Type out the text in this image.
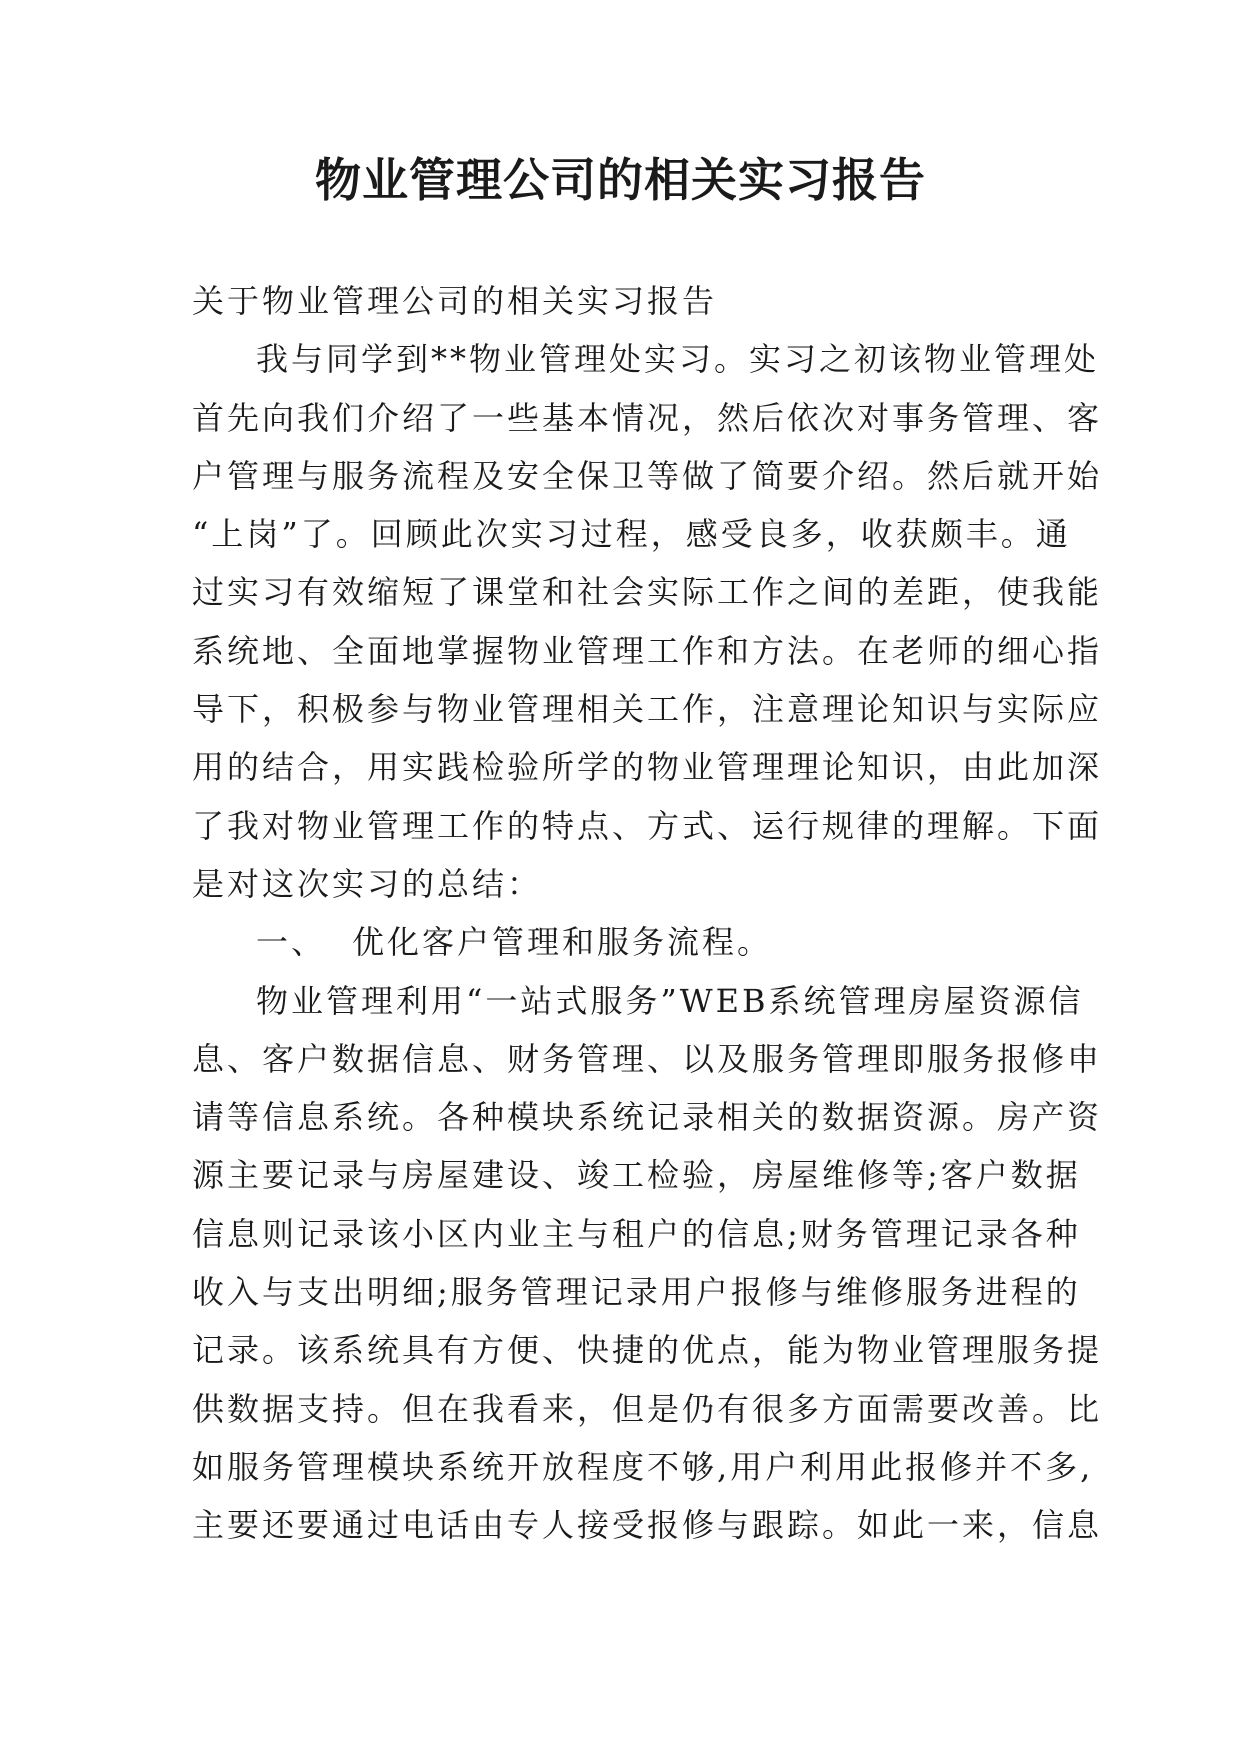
物业管理公司的相关实习报告
关于物业管理公司的相关实习报告
我与同学到**物业管理处实习。实习之初该物业管理处
首先向我们介绍了一些基本情况，然后依次对事务管理、客
户管理与服务流程及安全保卫等做了简要介绍。然后就开始
“上岗”了。回顾此次实习过程，感受良多，收获颇丰。通
过实习有效缩短了课堂和社会实际工作之间的差距，使我能
系统地、全面地掌握物业管理工作和方法。在老师的细心指
导下，积极参与物业管理相关工作，注意理论知识与实际应
用的结合，用实践检验所学的物业管理理论知识，由此加深
了我对物业管理工作的特点、方式、运行规律的理解。下面
是对这次实习的总结：
一、 优化客户管理和服务流程。
物业管理利用“一站式服务”WEB系统管理房屋资源信
息、客户数据信息、财务管理、以及服务管理即服务报修申
请等信息系统。各种模块系统记录相关的数据资源。房产资
源主要记录与房屋建设、竣工检验，房屋维修等;客户数据
信息则记录该小区内业主与租户的信息;财务管理记录各种
收入与支出明细;服务管理记录用户报修与维修服务进程的
记录。该系统具有方便、快捷的优点，能为物业管理服务提
供数据支持。但在我看来，但是仍有很多方面需要改善。比
如服务管理模块系统开放程度不够,用户利用此报修并不多,
主要还要通过电话由专人接受报修与跟踪。如此一来，信息
